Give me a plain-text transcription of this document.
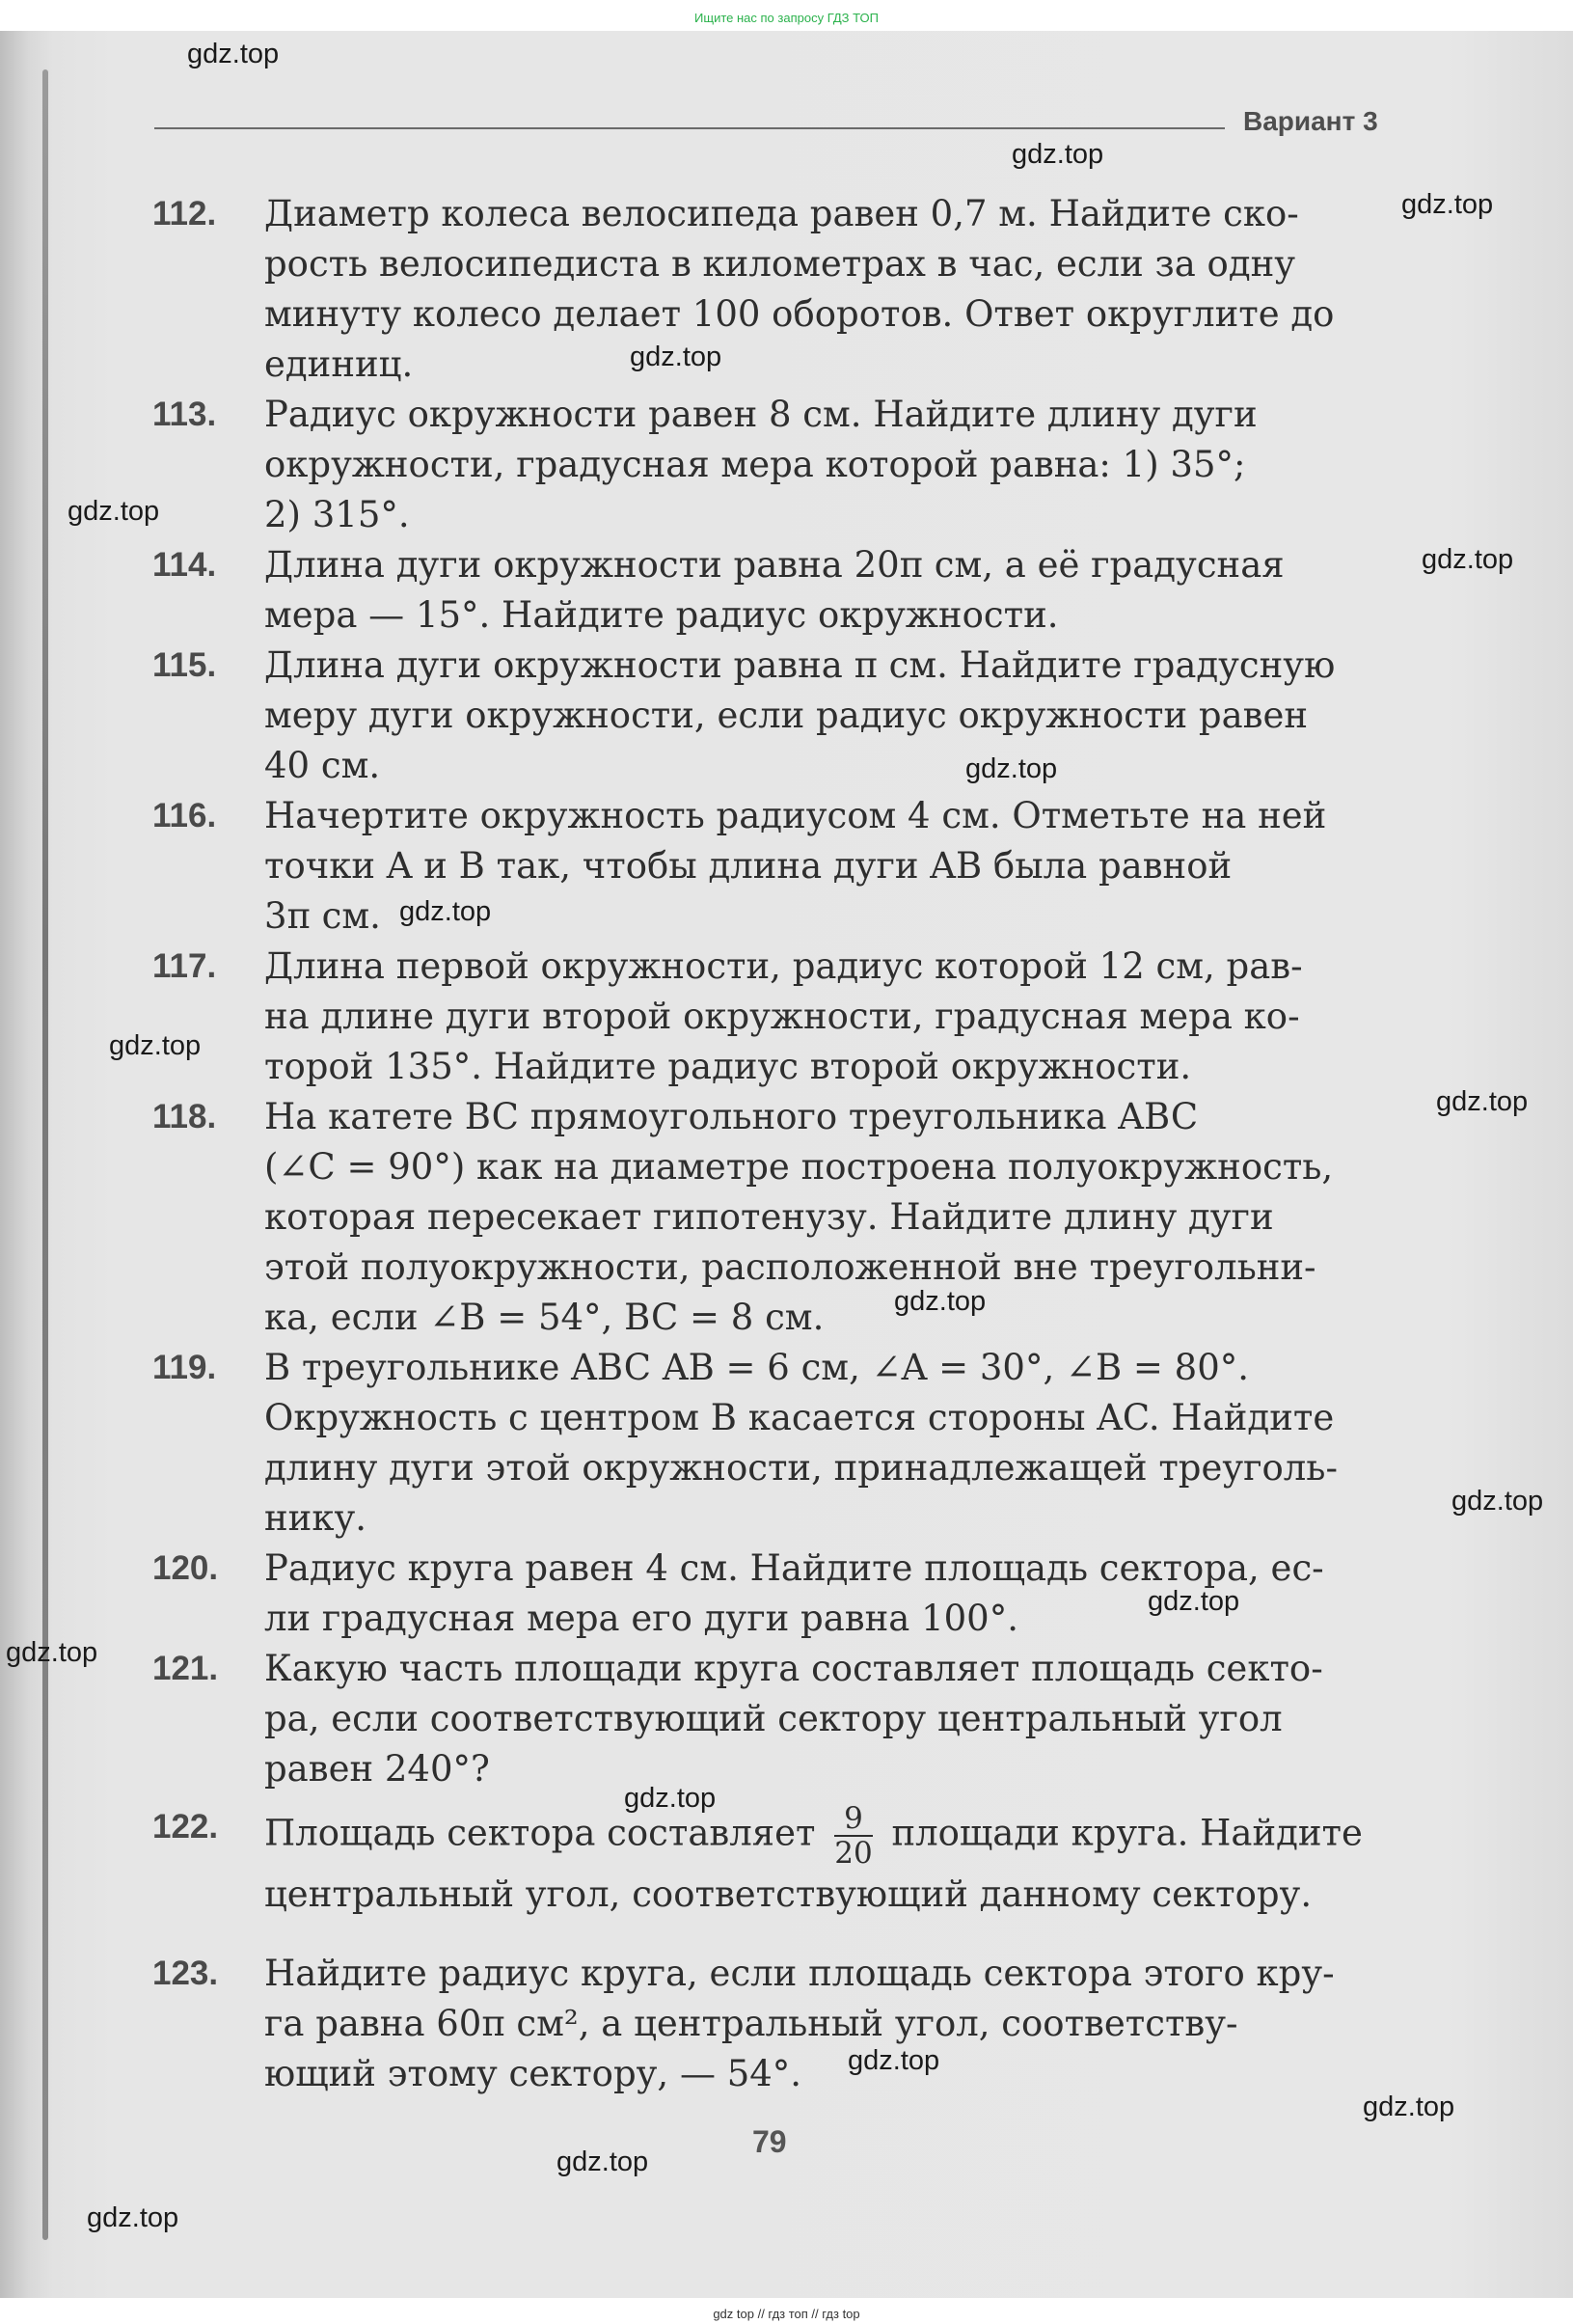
$_{Ищите нас по запросу ГДЗ ТОП}$
Вариант 3
112. Диаметр колеса велосипеда равен 0,7 м. Найдите ско-
рость велосипедиста в километрах в час, если за одну
минуту колесо делает 100 оборотов. Ответ округлите до
единиц.
113. Радиус окружности равен 8 см. Найдите длину дуги
окружности, градусная мера которой равна: 1) 35°;
2) 315°.
114. Длина дуги окружности равна 20π см, а её градусная
мера — 15°. Найдите радиус окружности.
115. Длина дуги окружности равна π см. Найдите градусную
меру дуги окружности, если радиус окружности равен
40 см.
116. Начертите окружность радиусом 4 см. Отметьте на ней
точки A и B так, чтобы длина дуги AB была равной
3π см.
117. Длина первой окружности, радиус которой 12 см, рав-
на длине дуги второй окружности, градусная мера ко-
торой 135°. Найдите радиус второй окружности.
118. На катете BC прямоугольного треугольника ABC
(∠C = 90°) как на диаметре построена полуокружность,
которая пересекает гипотенузу. Найдите длину дуги
этой полуокружности, расположенной вне треугольни-
ка, если ∠B = 54°, BC = 8 см.
119. В треугольнике ABC AB = 6 см, ∠A = 30°, ∠B = 80°.
Окружность с центром B касается стороны AC. Найдите
длину дуги этой окружности, принадлежащей треуголь-
нику.
120. Радиус круга равен 4 см. Найдите площадь сектора, ес-
ли градусная мера его дуги равна 100°.
121. Какую часть площади круга составляет площадь секто-
ра, если соответствующий сектору центральный угол
равен 240°?
122. Площадь сектора составляет $\frac{9}{20}$ площади круга. Найдите
центральный угол, соответствующий данному сектору.
123. Найдите радиус круга, если площадь сектора этого кру-
га равна 60π см², а центральный угол, соответству-
ющий этому сектору, — 54°.
79
gdz.top
gdz.top
gdz.top
gdz.top
gdz.top
gdz.top
gdz.top
gdz.top
gdz.top
gdz.top
gdz.top
gdz.top
gdz.top
gdz.top
gdz.top
gdz.top
gdz.top
gdz.top
gdz.top
$_{gdz top // гдз топ // гдз top}$
